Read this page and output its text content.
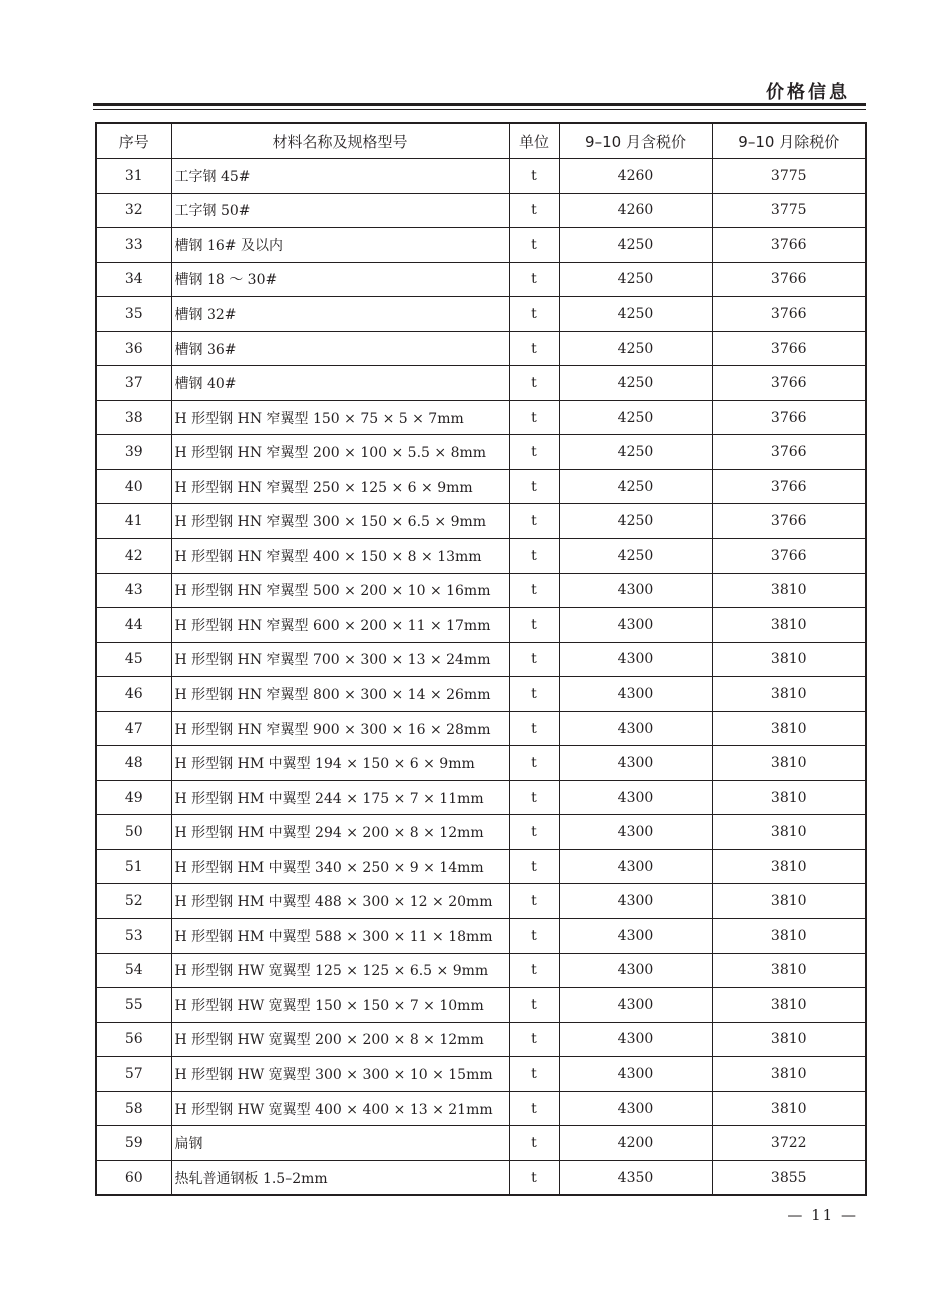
价格信息
序号	材料名称及规格型号	单位	9–10 月含税价	9–10 月除税价
31	工字钢 45#	t	4260	3775
32	工字钢 50#	t	4260	3775
33	槽钢 16# 及以内	t	4250	3766
34	槽钢 18 ～ 30#	t	4250	3766
35	槽钢 32#	t	4250	3766
36	槽钢 36#	t	4250	3766
37	槽钢 40#	t	4250	3766
38	H 形型钢 HN 窄翼型 150 × 75 × 5 × 7mm	t	4250	3766
39	H 形型钢 HN 窄翼型 200 × 100 × 5.5 × 8mm	t	4250	3766
40	H 形型钢 HN 窄翼型 250 × 125 × 6 × 9mm	t	4250	3766
41	H 形型钢 HN 窄翼型 300 × 150 × 6.5 × 9mm	t	4250	3766
42	H 形型钢 HN 窄翼型 400 × 150 × 8 × 13mm	t	4250	3766
43	H 形型钢 HN 窄翼型 500 × 200 × 10 × 16mm	t	4300	3810
44	H 形型钢 HN 窄翼型 600 × 200 × 11 × 17mm	t	4300	3810
45	H 形型钢 HN 窄翼型 700 × 300 × 13 × 24mm	t	4300	3810
46	H 形型钢 HN 窄翼型 800 × 300 × 14 × 26mm	t	4300	3810
47	H 形型钢 HN 窄翼型 900 × 300 × 16 × 28mm	t	4300	3810
48	H 形型钢 HM 中翼型 194 × 150 × 6 × 9mm	t	4300	3810
49	H 形型钢 HM 中翼型 244 × 175 × 7 × 11mm	t	4300	3810
50	H 形型钢 HM 中翼型 294 × 200 × 8 × 12mm	t	4300	3810
51	H 形型钢 HM 中翼型 340 × 250 × 9 × 14mm	t	4300	3810
52	H 形型钢 HM 中翼型 488 × 300 × 12 × 20mm	t	4300	3810
53	H 形型钢 HM 中翼型 588 × 300 × 11 × 18mm	t	4300	3810
54	H 形型钢 HW 宽翼型 125 × 125 × 6.5 × 9mm	t	4300	3810
55	H 形型钢 HW 宽翼型 150 × 150 × 7 × 10mm	t	4300	3810
56	H 形型钢 HW 宽翼型 200 × 200 × 8 × 12mm	t	4300	3810
57	H 形型钢 HW 宽翼型 300 × 300 × 10 × 15mm	t	4300	3810
58	H 形型钢 HW 宽翼型 400 × 400 × 13 × 21mm	t	4300	3810
59	扁钢	t	4200	3722
60	热轧普通钢板 1.5–2mm	t	4350	3855
— 11 —
